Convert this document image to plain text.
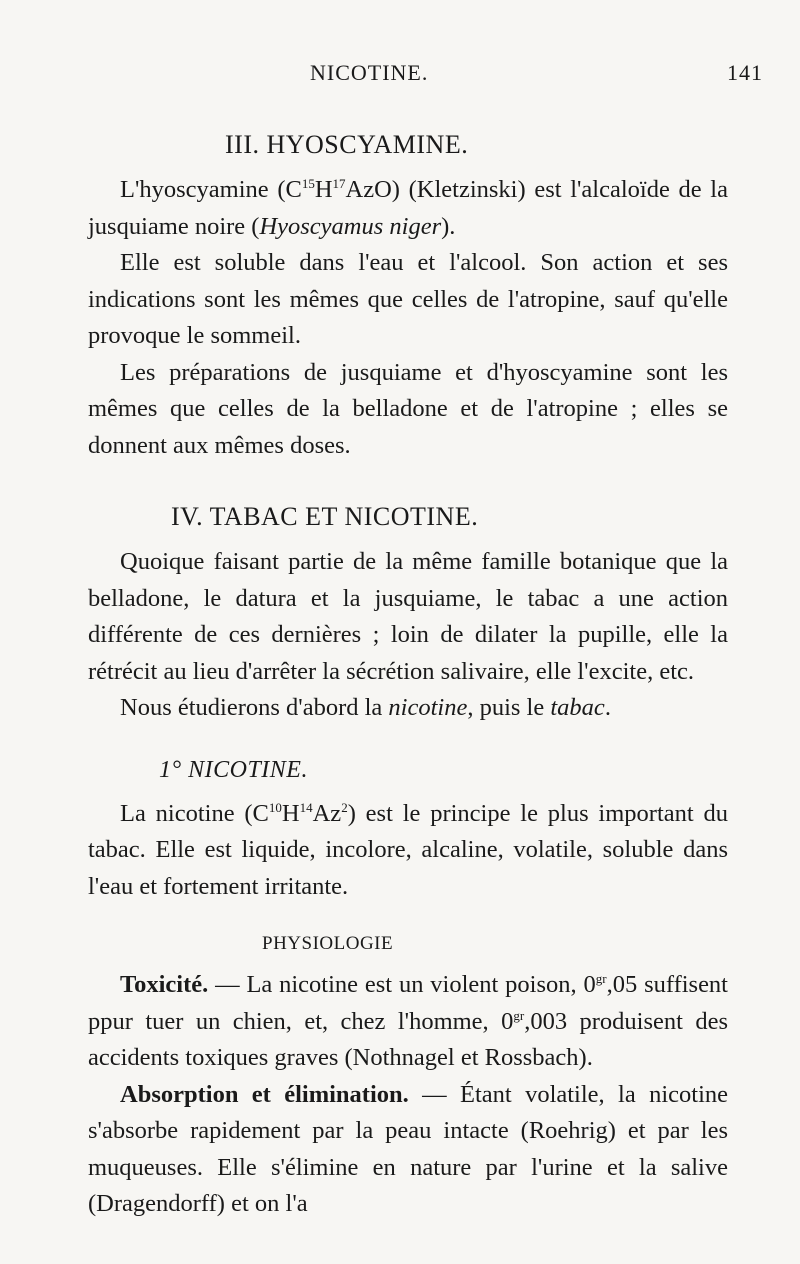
NICOTINE.	141
III. HYOSCYAMINE.

L'hyoscyamine $(C^{15}H^{17}AzO)$ (Kletzinski) est l'alcaloïde de la jusquiame noire (Hyoscyamus niger).

Elle est soluble dans l'eau et l'alcool. Son action et ses indications sont les mêmes que celles de l'atropine, sauf qu'elle provoque le sommeil.

Les préparations de jusquiame et d'hyoscyamine sont les mêmes que celles de la belladone et de l'atropine ; elles se donnent aux mêmes doses.

IV. TABAC ET NICOTINE.

Quoique faisant partie de la même famille botanique que la belladone, le datura et la jusquiame, le tabac a une action différente de ces dernières ; loin de dilater la pupille, elle la rétrécit au lieu d'arrêter la sécrétion salivaire, elle l'excite, etc.

Nous étudierons d'abord la nicotine, puis le tabac.

1° NICOTINE.

La nicotine $(C^{10}H^{14}Az^2)$ est le principe le plus important du tabac. Elle est liquide, incolore, alcaline, volatile, soluble dans l'eau et fortement irritante.

PHYSIOLOGIE

Toxicité. — La nicotine est un violent poison, $0^{gr},05$ suffisent ppur tuer un chien, et, chez l'homme, $0^{gr},003$ produisent des accidents toxiques graves (Nothnagel et Rossbach).

Absorption et élimination. — Étant volatile, la nicotine s'absorbe rapidement par la peau intacte (Roehrig) et par les muqueuses. Elle s'élimine en nature par l'urine et la salive (Dragendorff) et on l'a
